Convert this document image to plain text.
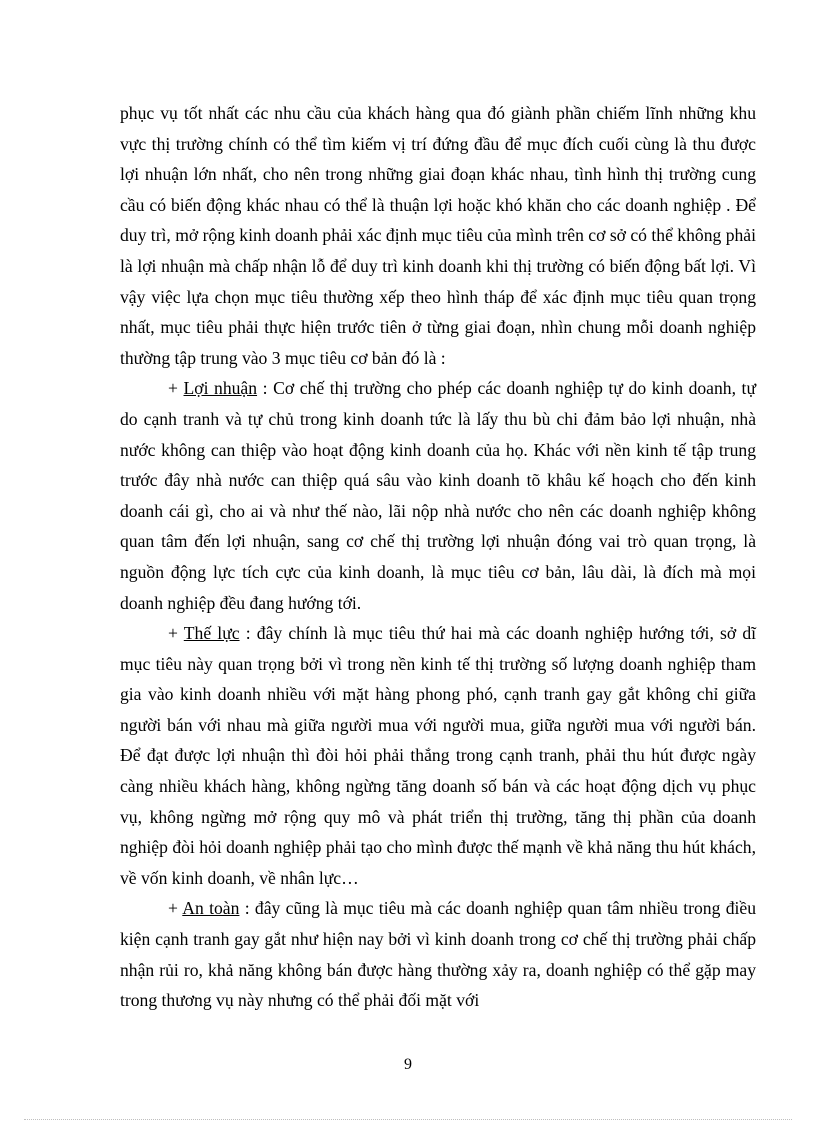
phục vụ tốt nhất các nhu cầu của khách hàng qua đó giành phần chiếm lĩnh những khu vực thị trường chính có thể tìm kiếm vị trí đứng đầu để mục đích cuối cùng là thu được lợi nhuận lớn nhất, cho nên trong những giai đoạn khác nhau, tình hình thị trường cung cầu có biến động khác nhau có thể là thuận lợi hoặc khó khăn cho các doanh nghiệp . Để duy trì, mở rộng kinh doanh phải xác định mục tiêu của mình trên cơ sở có thể không phải là lợi nhuận mà chấp nhận lỗ để duy trì kinh doanh khi thị trường có biến động bất lợi. Vì vậy việc lựa chọn mục tiêu thường xếp theo hình tháp để xác định mục tiêu quan trọng nhất, mục tiêu phải thực hiện trước tiên ở từng giai đoạn, nhìn chung mỗi doanh nghiệp thường tập trung vào 3 mục tiêu cơ bản đó là :

+ Lợi nhuận : Cơ chế thị trường cho phép các doanh nghiệp tự do kinh doanh, tự do cạnh tranh và tự chủ trong kinh doanh tức là lấy thu bù chi đảm bảo lợi nhuận, nhà nước không can thiệp vào hoạt động kinh doanh của họ. Khác với nền kinh tế tập trung trước đây nhà nước can thiệp quá sâu vào kinh doanh tõ khâu kế hoạch cho đến kinh doanh cái gì, cho ai và như thế nào, lãi nộp nhà nước cho nên các doanh nghiệp không quan tâm đến lợi nhuận, sang cơ chế thị trường lợi nhuận đóng vai trò quan trọng, là nguồn động lực tích cực của kinh doanh, là mục tiêu cơ bản, lâu dài, là đích mà mọi doanh nghiệp đều đang hướng tới.

+ Thế lực : đây chính là mục tiêu thứ hai mà các doanh nghiệp hướng tới, sở dĩ mục tiêu này quan trọng bởi vì trong nền kinh tế thị trường số lượng doanh nghiệp tham gia vào kinh doanh nhiều với mặt hàng phong phó, cạnh tranh gay gắt không chỉ giữa người bán với nhau mà giữa người mua với người mua, giữa người mua với người bán. Để đạt được lợi nhuận thì đòi hỏi phải thắng trong cạnh tranh, phải thu hút được ngày càng nhiều khách hàng, không ngừng tăng doanh số bán và các hoạt động dịch vụ phục vụ, không ngừng mở rộng quy mô và phát triển thị trường, tăng thị phần của doanh nghiệp đòi hỏi doanh nghiệp phải tạo cho mình được thế mạnh về khả năng thu hút khách, về vốn kinh doanh, về nhân lực…

+ An toàn : đây cũng là mục tiêu mà các doanh nghiệp quan tâm nhiều trong điều kiện cạnh tranh gay gắt như hiện nay bởi vì kinh doanh trong cơ chế thị trường phải chấp nhận rủi ro, khả năng không bán được hàng thường xảy ra, doanh nghiệp có thể gặp may trong thương vụ này nhưng có thể phải đối mặt với

9
